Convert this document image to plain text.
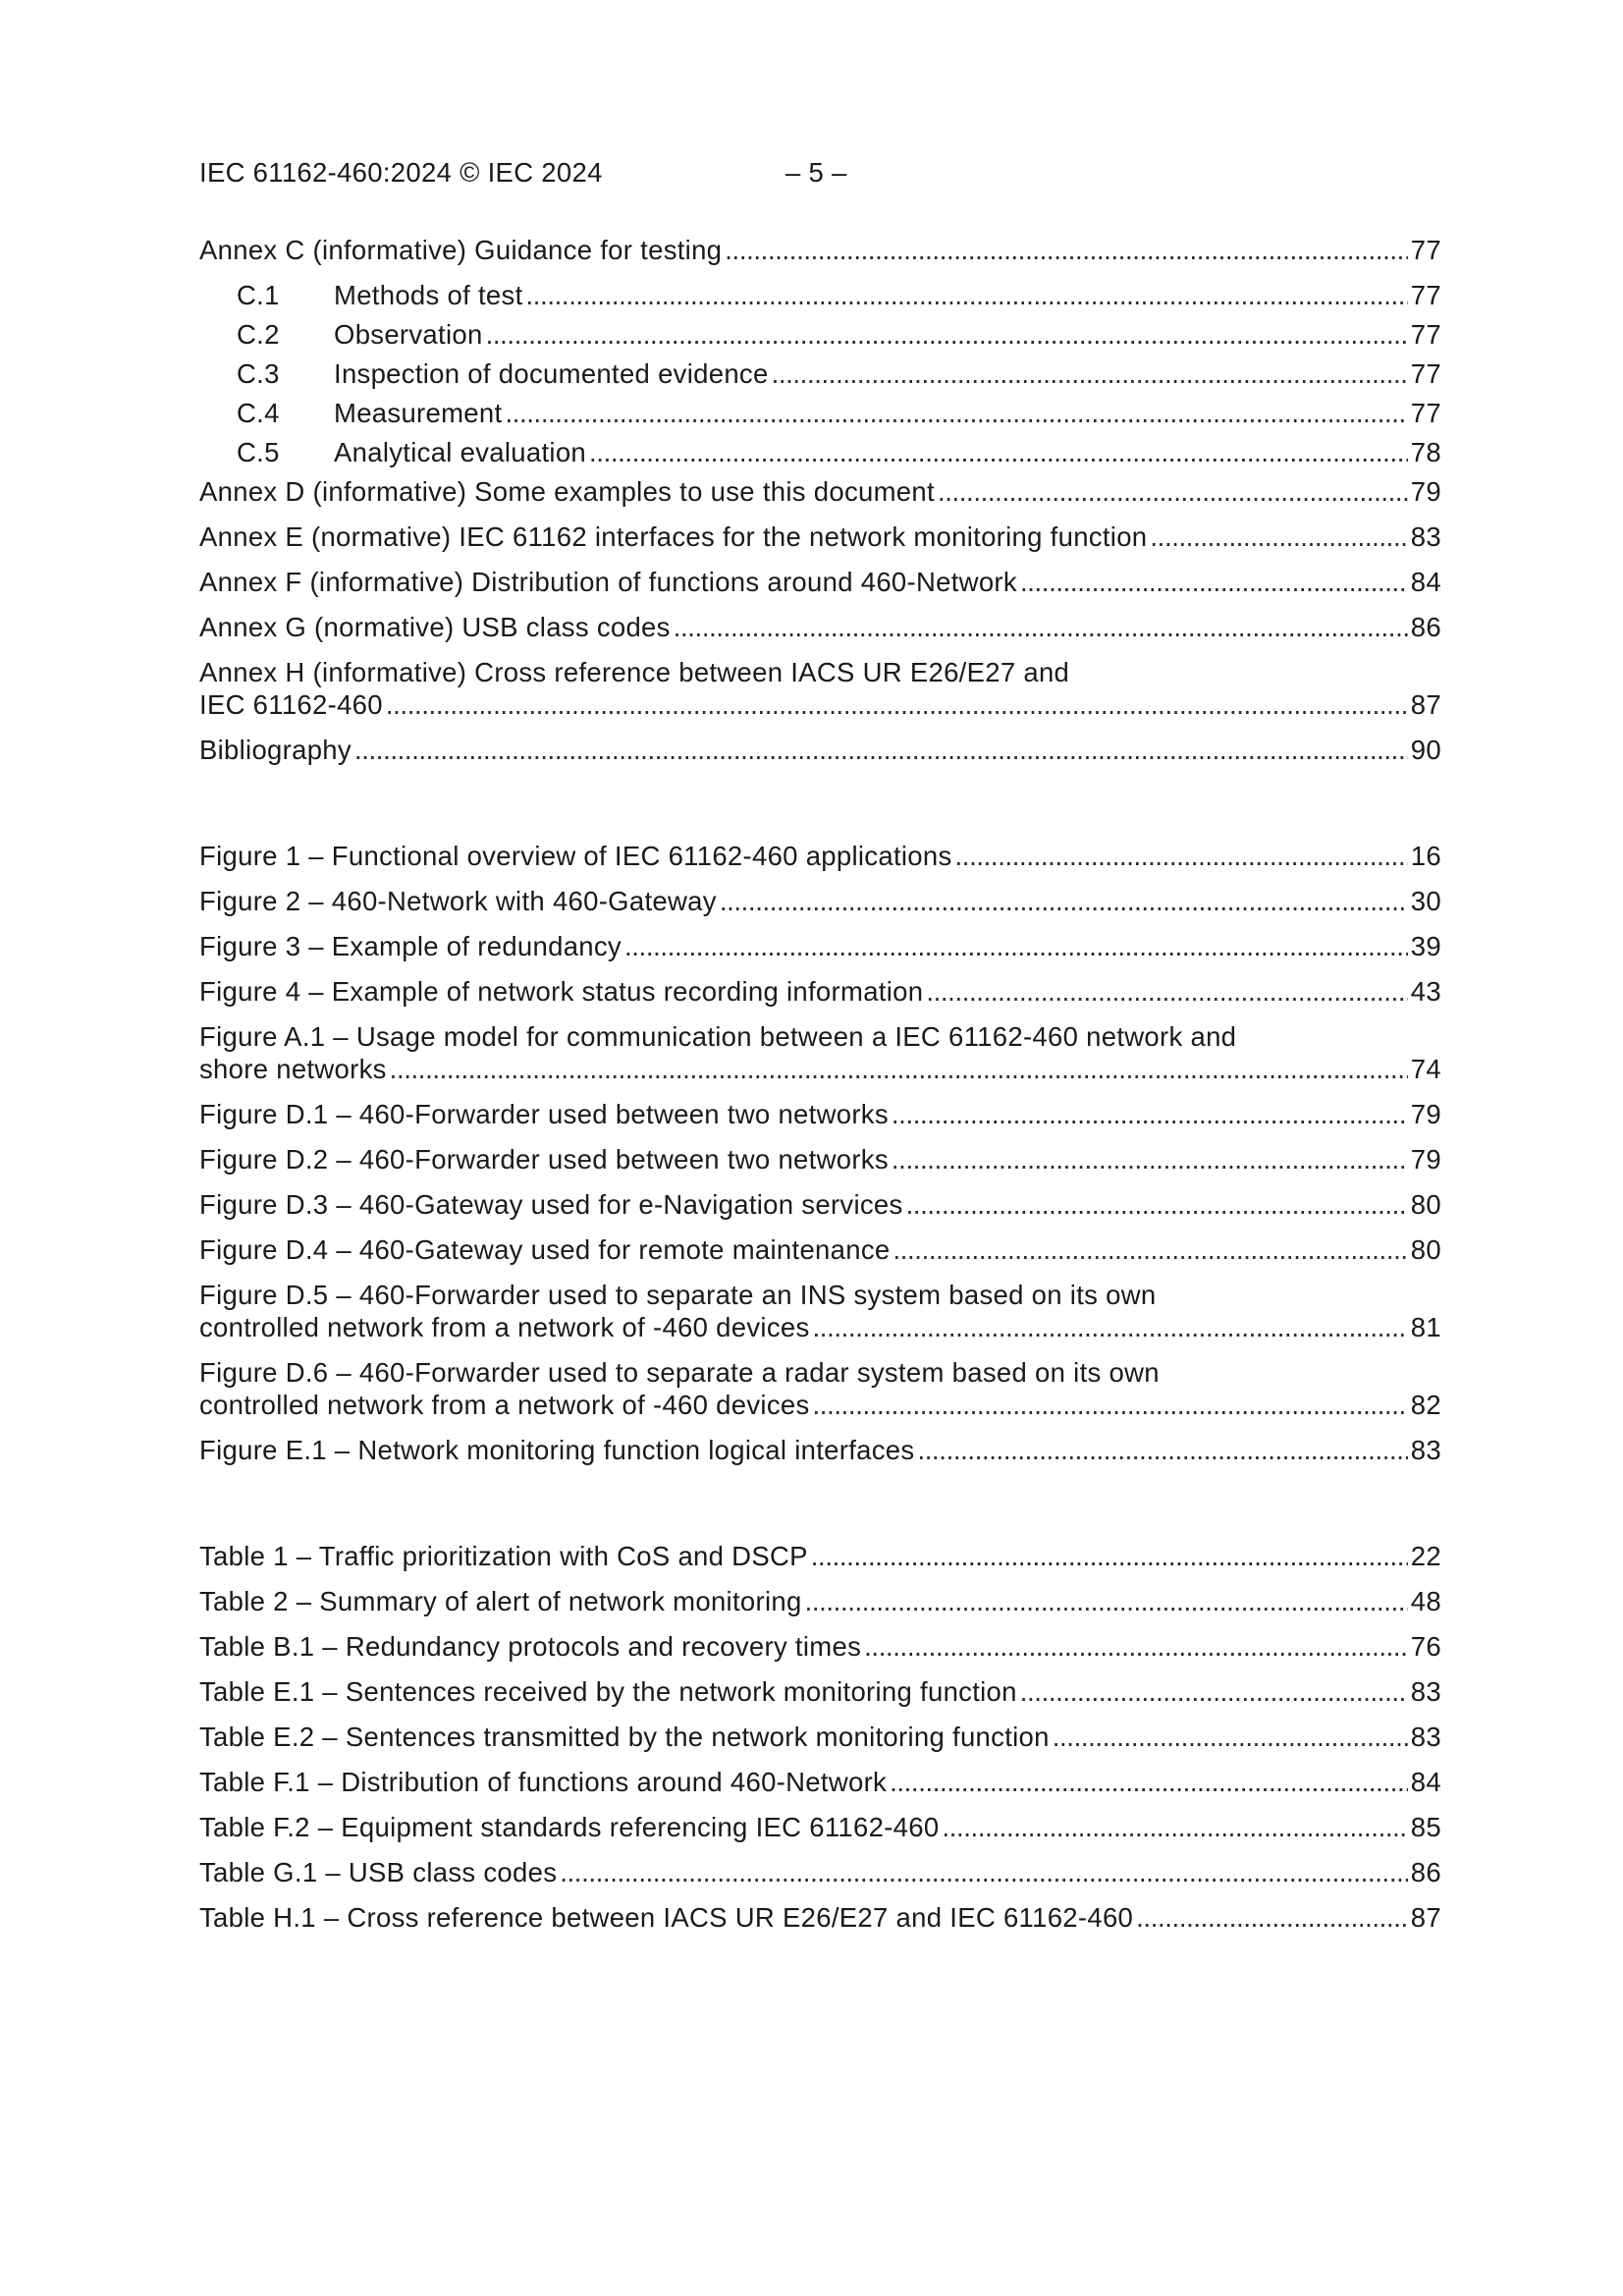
IEC 61162-460:2024 © IEC 2024	– 5 –
Annex C (informative) Guidance for testing . . .	77
C.1 Methods of test . . .	77
C.2 Observation . . .	77
C.3 Inspection of documented evidence . . .	77
C.4 Measurement . . .	77
C.5 Analytical evaluation . . .	78
Annex D (informative) Some examples to use this document . . .	79
Annex E (normative) IEC 61162 interfaces for the network monitoring function . . .	83
Annex F (informative) Distribution of functions around 460-Network . . .	84
Annex G (normative) USB class codes . . .	86
Annex H (informative) Cross reference between IACS UR E26/E27 and
IEC 61162-460 . . .	87
Bibliography . . .	90
Figure 1 – Functional overview of IEC 61162-460 applications . . .	16
Figure 2 – 460-Network with 460-Gateway . . .	30
Figure 3 – Example of redundancy . . .	39
Figure 4 – Example of network status recording information . . .	43
Figure A.1 – Usage model for communication between a IEC 61162-460 network and
shore networks . . .	74
Figure D.1 – 460-Forwarder used between two networks . . .	79
Figure D.2 – 460-Forwarder used between two networks . . .	79
Figure D.3 – 460-Gateway used for e-Navigation services . . .	80
Figure D.4 – 460-Gateway used for remote maintenance . . .	80
Figure D.5 – 460-Forwarder used to separate an INS system based on its own
controlled network from a network of -460 devices . . .	81
Figure D.6 – 460-Forwarder used to separate a radar system based on its own
controlled network from a network of -460 devices . . .	82
Figure E.1 – Network monitoring function logical interfaces . . .	83
Table 1 – Traffic prioritization with CoS and DSCP . . .	22
Table 2 – Summary of alert of network monitoring . . .	48
Table B.1 – Redundancy protocols and recovery times . . .	76
Table E.1 – Sentences received by the network monitoring function . . .	83
Table E.2 – Sentences transmitted by the network monitoring function . . .	83
Table F.1 – Distribution of functions around 460-Network . . .	84
Table F.2 – Equipment standards referencing IEC 61162-460 . . .	85
Table G.1 – USB class codes . . .	86
Table H.1 – Cross reference between IACS UR E26/E27 and IEC 61162-460 . . .	87
